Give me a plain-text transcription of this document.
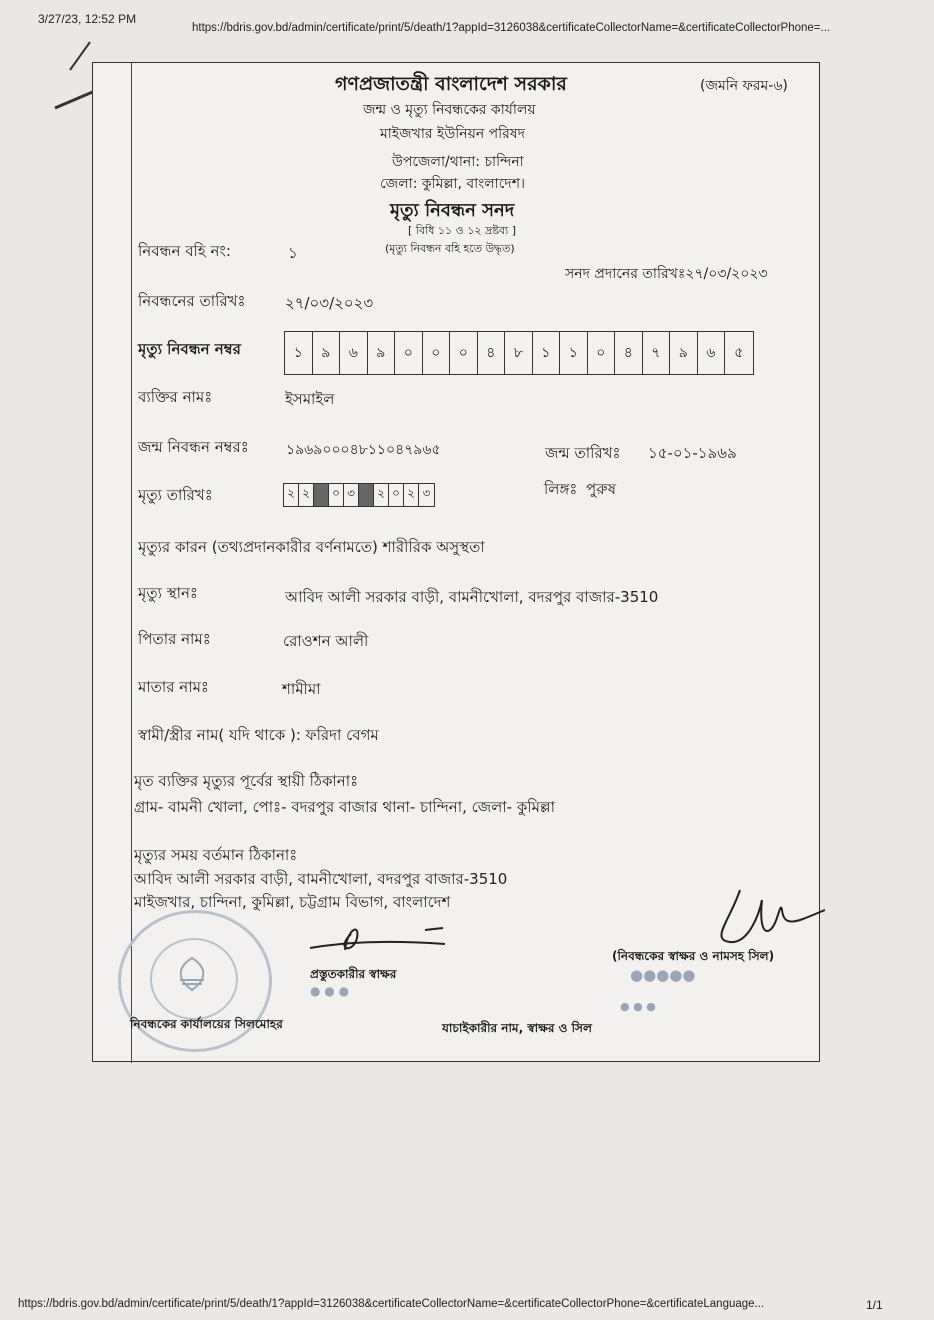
3/27/23, 12:52 PM
https://bdris.gov.bd/admin/certificate/print/5/death/1?appId=3126038&certificateCollectorName=&certificateCollectorPhone=...
গণপ্রজাতন্ত্রী বাংলাদেশ সরকার	(জমনি ফরম-৬)
জন্ম ও মৃত্যু নিবন্ধকের কার্যালয়
মাইজখার ইউনিয়ন পরিষদ
উপজেলা/থানা: চান্দিনা
জেলা: কুমিল্লা, বাংলাদেশ।
মৃত্যু নিবন্ধন সনদ
[ বিধি ১১ ও ১২ দ্রষ্টব্য ]
(মৃত্যু নিবন্ধন বহি হতে উদ্ধৃত)
নিবন্ধন বহি নং:	১
সনদ প্রদানের তারিখঃ২৭/০৩/২০২৩
নিবন্ধনের তারিখঃ	২৭/০৩/২০২৩
মৃত্যু নিবন্ধন নম্বর	১	৯	৬	৯	০	০	০	৪	৮	১	১	০	৪	৭	৯	৬	৫
ব্যক্তির নামঃ	ইসমাইল
জন্ম নিবন্ধন নম্বরঃ	১৯৬৯০০০৪৮১১০৪৭৯৬৫	জন্ম তারিখঃ ১৫-০১-১৯৬৯
মৃত্যু তারিখঃ	২ ২	০ ৩	২ ০ ২ ৩	লিঙ্গঃ পুরুষ
মৃত্যুর কারন (তথ্যপ্রদানকারীর বর্ণনামতে) শারীরিক অসুস্থতা
মৃত্যু স্থানঃ	আবিদ আলী সরকার বাড়ী, বামনীখোলা, বদরপুর বাজার-3510
পিতার নামঃ	রোওশন আলী
মাতার নামঃ	শামীমা
স্বামী/স্ত্রীর নাম( যদি থাকে ): ফরিদা বেগম
মৃত ব্যক্তির মৃত্যুর পূর্বের স্থায়ী ঠিকানাঃ
গ্রাম- বামনী খোলা, পোঃ- বদরপুর বাজার থানা- চান্দিনা, জেলা- কুমিল্লা
মৃত্যুর সময় বর্তমান ঠিকানাঃ
আবিদ আলী সরকার বাড়ী, বামনীখোলা, বদরপুর বাজার-3510
মাইজখার, চান্দিনা, কুমিল্লা, চট্টগ্রাম বিভাগ, বাংলাদেশ
প্রস্তুতকারীর স্বাক্ষর
● ● ●
(নিবন্ধকের স্বাক্ষর ও নামসহ সিল)
●●●●●
● ● ●
নিবন্ধকের কার্যালয়ের সিলমোহর	যাচাইকারীর নাম, স্বাক্ষর ও সিল
https://bdris.gov.bd/admin/certificate/print/5/death/1?appId=3126038&certificateCollectorName=&certificateCollectorPhone=&certificateLanguage...	1/1
